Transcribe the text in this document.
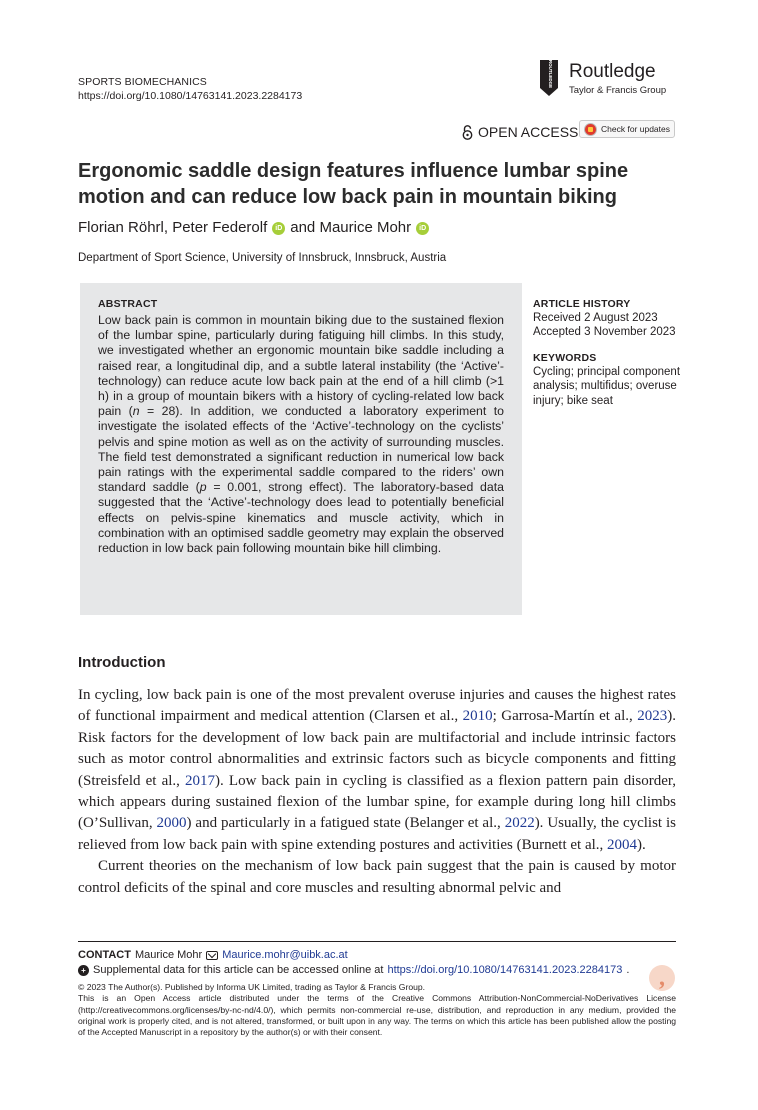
SPORTS BIOMECHANICS
https://doi.org/10.1080/14763141.2023.2284173
ROUTLEDGE Routledge
Taylor & Francis Group
OPEN ACCESS	Check for updates
Ergonomic saddle design features influence lumbar spine motion and can reduce low back pain in mountain biking
Florian Röhrl, Peter Federolf	iD and Maurice Mohr	iD
Department of Sport Science, University of Innsbruck, Innsbruck, Austria
ABSTRACT
Low back pain is common in mountain biking due to the sustained flexion of the lumbar spine, particularly during fatiguing hill climbs. In this study, we investigated whether an ergonomic mountain bike saddle including a raised rear, a longitudinal dip, and a subtle lateral instability (the ‘Active’-technology) can reduce acute low back pain at the end of a hill climb (>1 h) in a group of mountain bikers with a history of cycling-related low back pain (n = 28). In addition, we conducted a laboratory experiment to investigate the isolated effects of the ‘Active’-technology on the cyclists’ pelvis and spine motion as well as on the activity of surrounding muscles. The field test demonstrated a significant reduction in numerical low back pain ratings with the experimental saddle compared to the riders’ own standard saddle (p = 0.001, strong effect). The laboratory-based data suggested that the ‘Active’-technology does lead to potentially beneficial effects on pelvis-spine kinematics and muscle activity, which in combination with an optimised saddle geometry may explain the observed reduction in low back pain following mountain bike hill climbing.
ARTICLE HISTORY
Received 2 August 2023
Accepted 3 November 2023
KEYWORDS
Cycling; principal component analysis; multifidus; overuse injury; bike seat
Introduction

In cycling, low back pain is one of the most prevalent overuse injuries and causes the highest rates of functional impairment and medical attention (Clarsen et al., 2010; Garrosa-Martín et al., 2023). Risk factors for the development of low back pain are multifactorial and include intrinsic factors such as motor control abnormalities and extrinsic factors such as bicycle components and fitting (Streisfeld et al., 2017). Low back pain in cycling is classified as a flexion pattern pain disorder, which appears during sustained flexion of the lumbar spine, for example during long hill climbs (O’Sullivan, 2000) and particularly in a fatigued state (Belanger et al., 2022). Usually, the cyclist is relieved from low back pain with spine extending postures and activities (Burnett et al., 2004).

Current theories on the mechanism of low back pain suggest that the pain is caused by motor control deficits of the spinal and core muscles and resulting abnormal pelvic and

CONTACT Maurice Mohr Maurice.mohr@uibk.ac.at
+ Supplemental data for this article can be accessed online at https://doi.org/10.1080/14763141.2023.2284173 .	,

© 2023 The Author(s). Published by Informa UK Limited, trading as Taylor & Francis Group.

This is an Open Access article distributed under the terms of the Creative Commons Attribution-NonCommercial-NoDerivatives License (http://creativecommons.org/licenses/by-nc-nd/4.0/), which permits non-commercial re-use, distribution, and reproduction in any medium, provided the original work is properly cited, and is not altered, transformed, or built upon in any way. The terms on which this article has been published allow the posting of the Accepted Manuscript in a repository by the author(s) or with their consent.
